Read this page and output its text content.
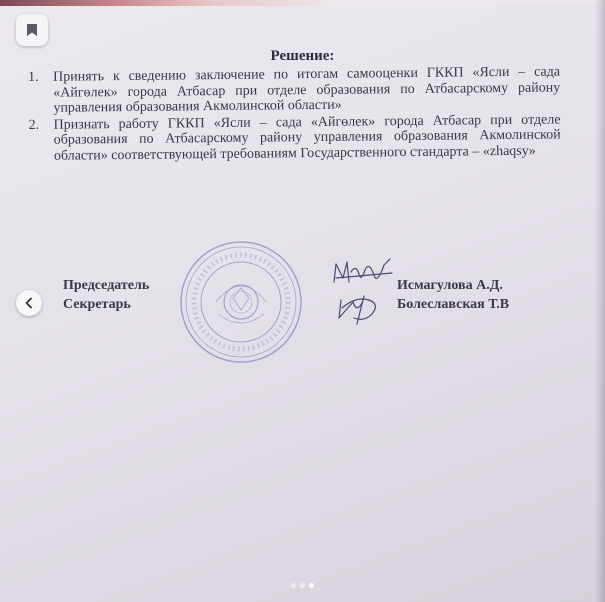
Решение:
1. Принять к сведению заключение по итогам самооценки ГККП «Ясли – сада «Айгөлек» города Атбасар при отделе образования по Атбасарскому району управления образования Акмолинской области»
2. Признать работу ГККП «Ясли – сада «Айгөлек» города Атбасар при отделе образования по Атбасарскому району управления образования Акмолинской области» соответствующей требованиям Государственного стандарта – «zhaqsy»
Председатель
Секретарь
Исмагулова А.Д.
Болеславская Т.В
